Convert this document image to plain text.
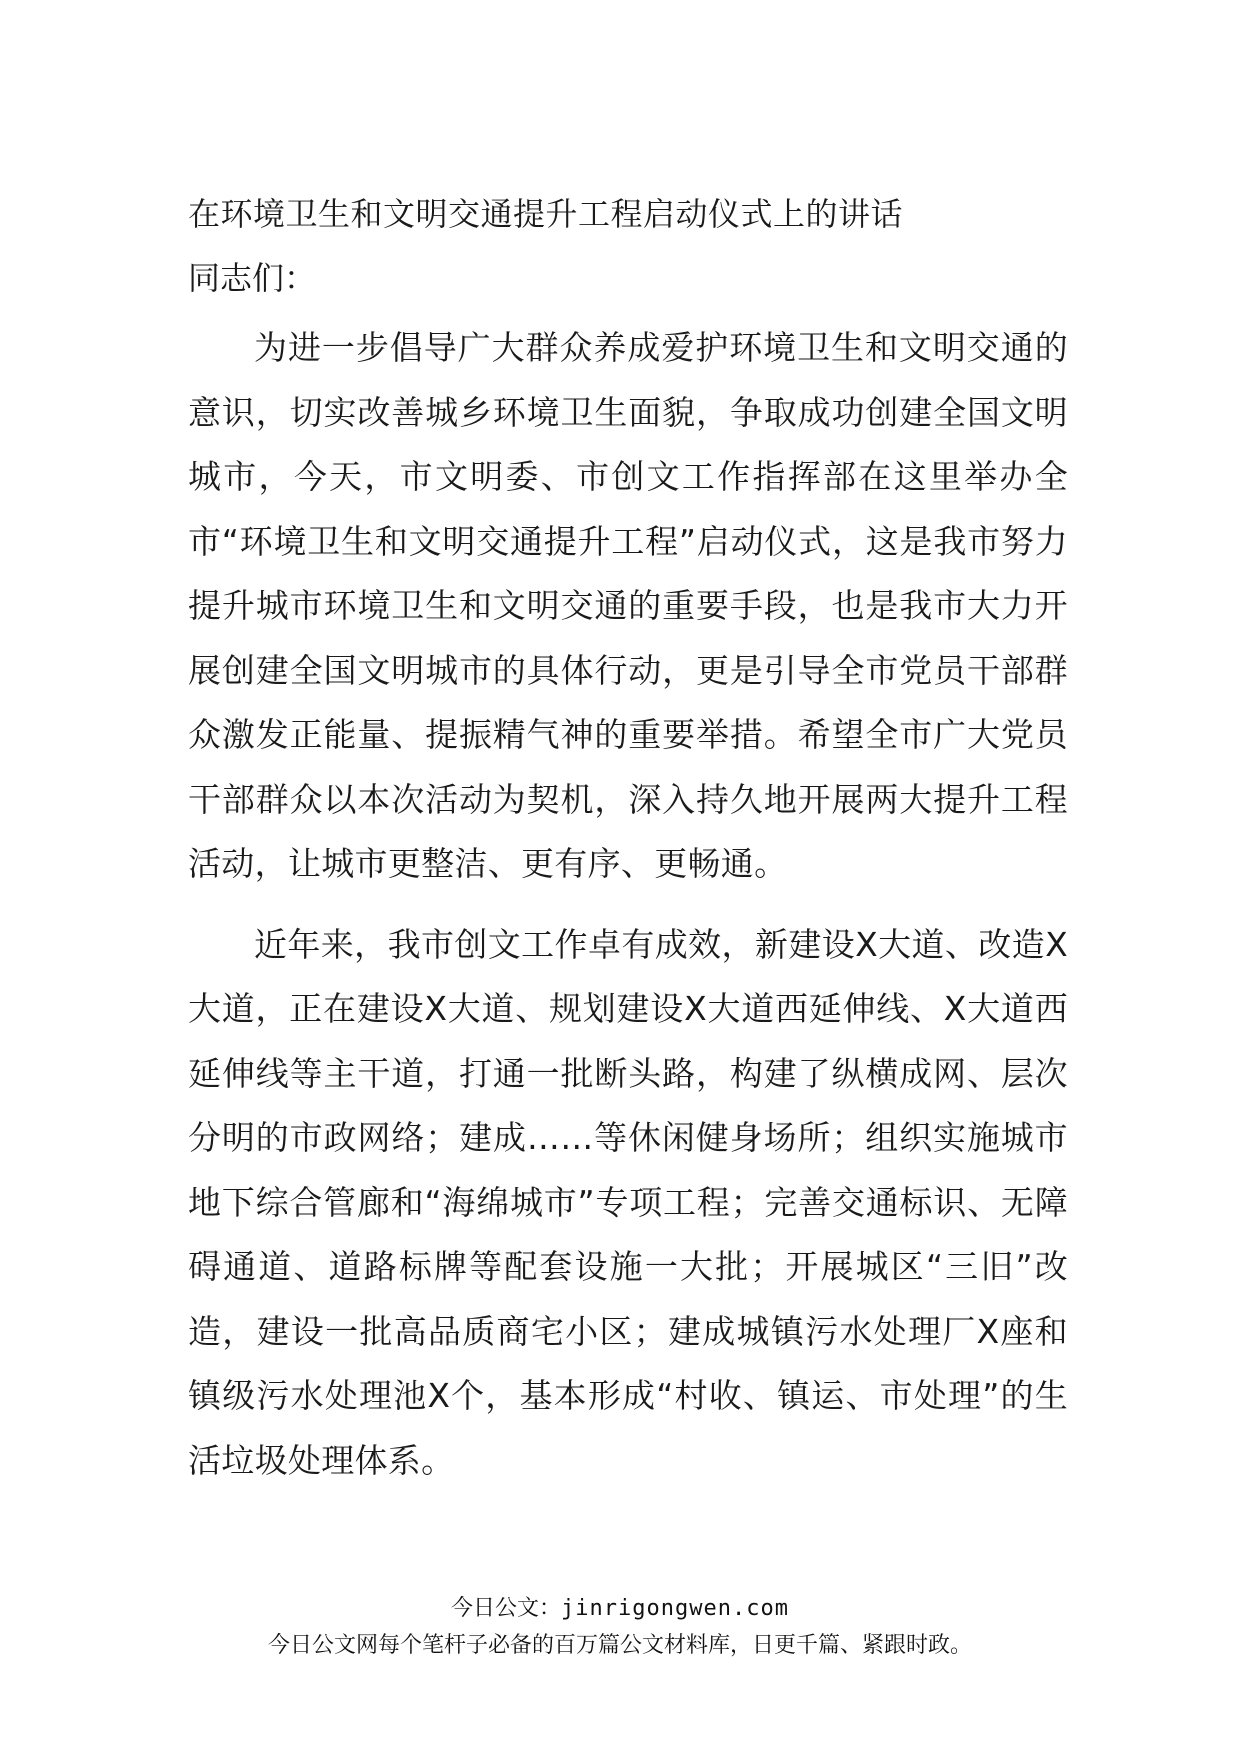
在环境卫生和文明交通提升工程启动仪式上的讲话
同志们：

为进一步倡导广大群众养成爱护环境卫生和文明交通的意识，切实改善城乡环境卫生面貌，争取成功创建全国文明城市，今天，市文明委、市创文工作指挥部在这里举办全市“环境卫生和文明交通提升工程”启动仪式，这是我市努力提升城市环境卫生和文明交通的重要手段，也是我市大力开展创建全国文明城市的具体行动，更是引导全市党员干部群众激发正能量、提振精气神的重要举措。希望全市广大党员干部群众以本次活动为契机，深入持久地开展两大提升工程活动，让城市更整洁、更有序、更畅通。

近年来，我市创文工作卓有成效，新建设X大道、改造X大道，正在建设X大道、规划建设X大道西延伸线、X大道西延伸线等主干道，打通一批断头路，构建了纵横成网、层次分明的市政网络；建成……等休闲健身场所；组织实施城市地下综合管廊和“海绵城市”专项工程；完善交通标识、无障碍通道、道路标牌等配套设施一大批；开展城区“三旧”改造，建设一批高品质商宅小区；建成城镇污水处理厂X座和镇级污水处理池X个，基本形成“村收、镇运、市处理”的生活垃圾处理体系。

今日公文：jinrigongwen.com
今日公文网每个笔杆子必备的百万篇公文材料库，日更千篇、紧跟时政。
